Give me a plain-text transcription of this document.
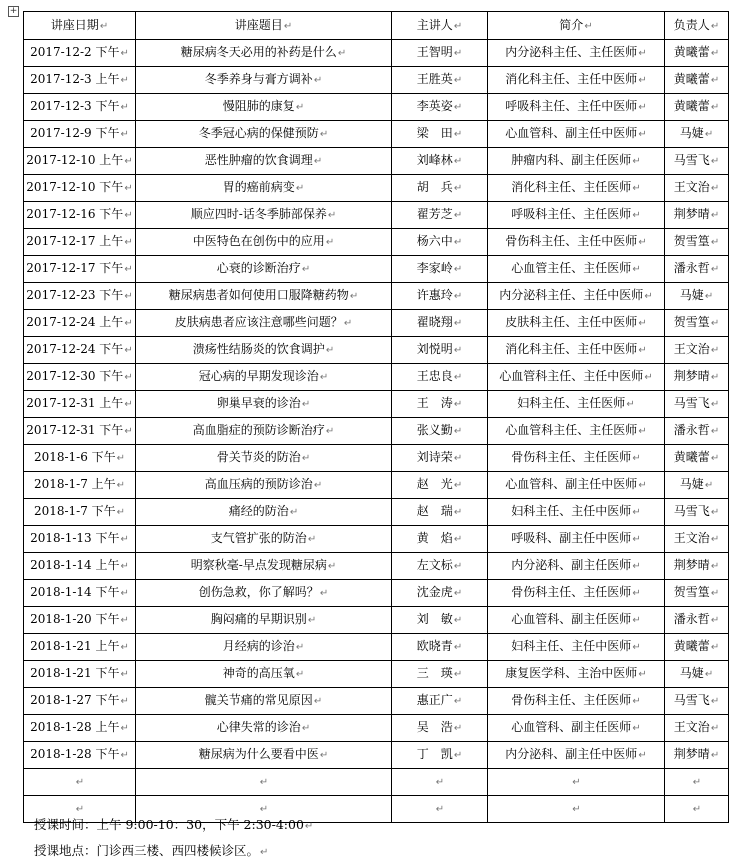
+
讲座日期↵	讲座题目↵	主讲人↵	简介↵	负责人↵
2017-12-2 下午↵	糖尿病冬天必用的补药是什么↵	王智明↵	内分泌科主任、主任医师↵	黄曦蕾↵
2017-12-3 上午↵	冬季养身与膏方调补↵	王胜英↵	消化科主任、主任中医师↵	黄曦蕾↵
2017-12-3 下午↵	慢阻肺的康复↵	李英姿↵	呼吸科主任、主任中医师↵	黄曦蕾↵
2017-12-9 下午↵	冬季冠心病的保健预防↵	梁　田↵	心血管科、副主任中医师↵	马婕↵
2017-12-10 上午↵	恶性肿瘤的饮食调理↵	刘峰林↵	肿瘤内科、副主任医师↵	马雪飞↵
2017-12-10 下午↵	胃的癌前病变↵	胡　兵↵	消化科主任、主任医师↵	王文治↵
2017-12-16 下午↵	顺应四时-话冬季肺部保养↵	翟芳芝↵	呼吸科主任、主任医师↵	荆梦晴↵
2017-12-17 上午↵	中医特色在创伤中的应用↵	杨六中↵	骨伤科主任、主任中医师↵	贺雪篁↵
2017-12-17 下午↵	心衰的诊断治疗↵	李家岭↵	心血管主任、主任医师↵	潘永哲↵
2017-12-23 下午↵	糖尿病患者如何使用口服降糖药物↵	许惠玲↵	内分泌科主任、主任中医师↵	马婕↵
2017-12-24 上午↵	皮肤病患者应该注意哪些问题？↵	翟晓翔↵	皮肤科主任、主任中医师↵	贺雪篁↵
2017-12-24 下午↵	溃疡性结肠炎的饮食调护↵	刘悦明↵	消化科主任、主任中医师↵	王文治↵
2017-12-30 下午↵	冠心病的早期发现诊治↵	王忠良↵	心血管科主任、主任中医师↵	荆梦晴↵
2017-12-31 上午↵	卵巢早衰的诊治↵	王　涛↵	妇科主任、主任医师↵	马雪飞↵
2017-12-31 下午↵	高血脂症的预防诊断治疗↵	张义勤↵	心血管科主任、主任医师↵	潘永哲↵
2018-1-6 下午↵	骨关节炎的防治↵	刘诗荣↵	骨伤科主任、主任医师↵	黄曦蕾↵
2018-1-7 上午↵	高血压病的预防诊治↵	赵　光↵	心血管科、副主任中医师↵	马婕↵
2018-1-7 下午↵	痛经的防治↵	赵　瑞↵	妇科主任、主任中医师↵	马雪飞↵
2018-1-13 下午↵	支气管扩张的防治↵	黄　焰↵	呼吸科、副主任中医师↵	王文治↵
2018-1-14 上午↵	明察秋毫-早点发现糖尿病↵	左文标↵	内分泌科、副主任医师↵	荆梦晴↵
2018-1-14 下午↵	创伤急救，你了解吗？↵	沈金虎↵	骨伤科主任、主任医师↵	贺雪篁↵
2018-1-20 下午↵	胸闷痛的早期识别↵	刘　敏↵	心血管科、副主任医师↵	潘永哲↵
2018-1-21 上午↵	月经病的诊治↵	欧晓青↵	妇科主任、主任中医师↵	黄曦蕾↵
2018-1-21 下午↵	神奇的高压氧↵	三　瑛↵	康复医学科、主治中医师↵	马婕↵
2018-1-27 下午↵	髋关节痛的常见原因↵	惠正广↵	骨伤科主任、主任医师↵	马雪飞↵
2018-1-28 上午↵	心律失常的诊治↵	吴　浩↵	心血管科、副主任医师↵	王文治↵
2018-1-28 下午↵	糖尿病为什么要看中医↵	丁　凯↵	内分泌科、副主任中医师↵	荆梦晴↵
↵	↵	↵	↵	↵
↵	↵	↵	↵	↵
授课时间：上午 9:00-10：30，下午 2:30-4:00↵
授课地点：门诊西三楼、西四楼候诊区。↵
